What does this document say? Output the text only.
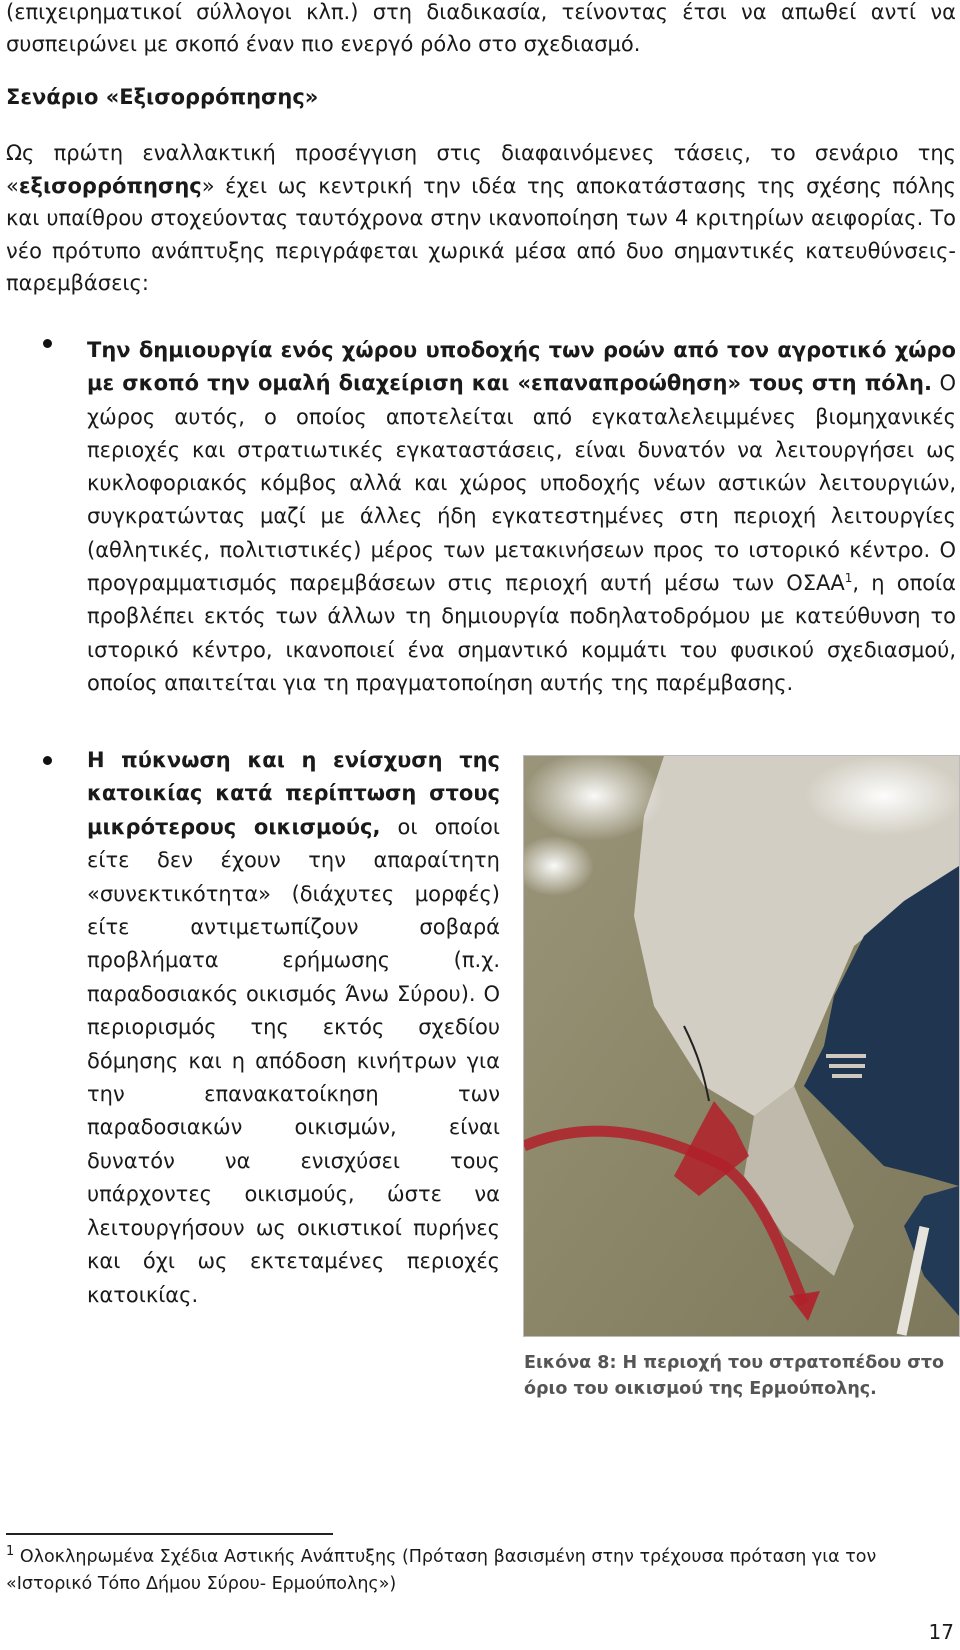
(επιχειρηματικοί σύλλογοι κλπ.) στη διαδικασία, τείνοντας έτσι να απωθεί αντί να συσπειρώνει με σκοπό έναν πιο ενεργό ρόλο στο σχεδιασμό.

Σενάριο «Εξισορρόπησης»

Ως πρώτη εναλλακτική προσέγγιση στις διαφαινόμενες τάσεις, το σενάριο της «εξισορρόπησης» έχει ως κεντρική την ιδέα της αποκατάστασης της σχέσης πόλης και υπαίθρου στοχεύοντας ταυτόχρονα στην ικανοποίηση των 4 κριτηρίων αειφορίας. Το νέο πρότυπο ανάπτυξης περιγράφεται χωρικά μέσα από δυο σημαντικές κατευθύνσεις- παρεμβάσεις:

Την δημιουργία ενός χώρου υποδοχής των ροών από τον αγροτικό χώρο με σκοπό την ομαλή διαχείριση και «επαναπροώθηση» τους στη πόλη. Ο χώρος αυτός, ο οποίος αποτελείται από εγκαταλελειμμένες βιομηχανικές περιοχές και στρατιωτικές εγκαταστάσεις, είναι δυνατόν να λειτουργήσει ως κυκλοφοριακός κόμβος αλλά και χώρος υποδοχής νέων αστικών λειτουργιών, συγκρατώντας μαζί με άλλες ήδη εγκατεστημένες στη περιοχή λειτουργίες (αθλητικές, πολιτιστικές) μέρος των μετακινήσεων προς το ιστορικό κέντρο. Ο προγραμματισμός παρεμβάσεων στις περιοχή αυτή μέσω των ΟΣΑΑ$^1$, η οποία προβλέπει εκτός των άλλων τη δημιουργία ποδηλατοδρόμου με κατεύθυνση το ιστορικό κέντρο, ικανοποιεί ένα σημαντικό κομμάτι του φυσικού σχεδιασμού, οποίος απαιτείται για τη πραγματοποίηση αυτής της παρέμβασης.

Η πύκνωση και η ενίσχυση της κατοικίας κατά περίπτωση στους μικρότερους οικισμούς, οι οποίοι είτε δεν έχουν την απαραίτητη «συνεκτικότητα» (διάχυτες μορφές) είτε αντιμετωπίζουν σοβαρά προβλήματα ερήμωσης (π.χ. παραδοσιακός οικισμός Άνω Σύρου). Ο περιορισμός της εκτός σχεδίου δόμησης και η απόδοση κινήτρων για την επανακατοίκηση των παραδοσιακών οικισμών, είναι δυνατόν να ενισχύσει τους υπάρχοντες οικισμούς, ώστε να λειτουργήσουν ως οικιστικοί πυρήνες και όχι ως εκτεταμένες περιοχές κατοικίας.

Εικόνα 8: Η περιοχή του στρατοπέδου στο όριο του οικισμού της Ερμούπολης.

$^1$ Ολοκληρωμένα Σχέδια Αστικής Ανάπτυξης (Πρόταση βασισμένη στην τρέχουσα πρόταση για τον «Ιστορικό Τόπο Δήμου Σύρου- Ερμούπολης»)

17
